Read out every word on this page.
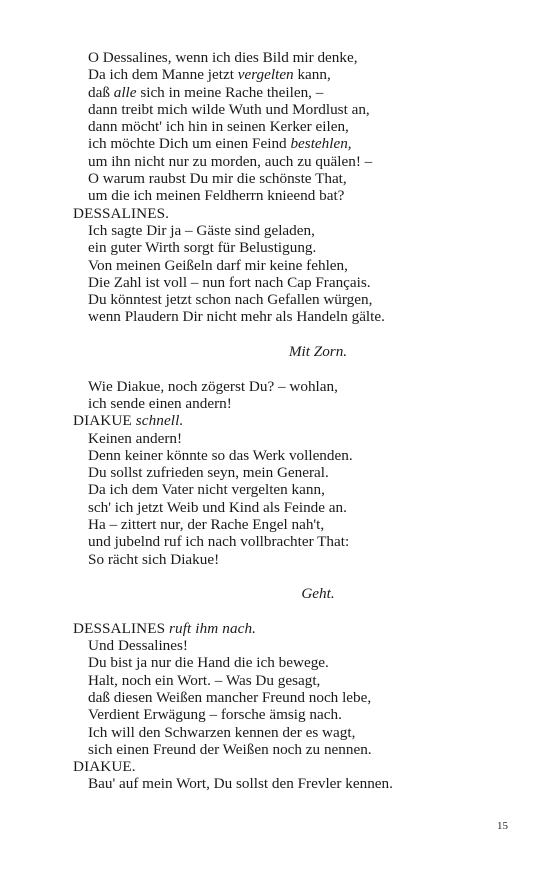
O Dessalines, wenn ich dies Bild mir denke,
Da ich dem Manne jetzt vergelten kann,
daß alle sich in meine Rache theilen, –
dann treibt mich wilde Wuth und Mordlust an,
dann möcht' ich hin in seinen Kerker eilen,
ich möchte Dich um einen Feind bestehlen,
um ihn nicht nur zu morden, auch zu quälen! –
O warum raubst Du mir die schönste That,
um die ich meinen Feldherrn knieend bat?
DESSALINES.
Ich sagte Dir ja – Gäste sind geladen,
ein guter Wirth sorgt für Belustigung.
Von meinen Geißeln darf mir keine fehlen,
Die Zahl ist voll – nun fort nach Cap Français.
Du könntest jetzt schon nach Gefallen würgen,
wenn Plaudern Dir nicht mehr als Handeln gälte.
Mit Zorn.
Wie Diakue, noch zögerst Du? – wohlan,
ich sende einen andern!
DIAKUE schnell.
Keinen andern!
Denn keiner könnte so das Werk vollenden.
Du sollst zufrieden seyn, mein General.
Da ich dem Vater nicht vergelten kann,
sch' ich jetzt Weib und Kind als Feinde an.
Ha – zittert nur, der Rache Engel nah't,
und jubelnd ruf ich nach vollbrachter That:
So rächt sich Diakue!
Geht.
DESSALINES ruft ihm nach.
Und Dessalines!
Du bist ja nur die Hand die ich bewege.
Halt, noch ein Wort. – Was Du gesagt,
daß diesen Weißen mancher Freund noch lebe,
Verdient Erwägung – forsche ämsig nach.
Ich will den Schwarzen kennen der es wagt,
sich einen Freund der Weißen noch zu nennen.
DIAKUE.
Bau' auf mein Wort, Du sollst den Frevler kennen.
15
